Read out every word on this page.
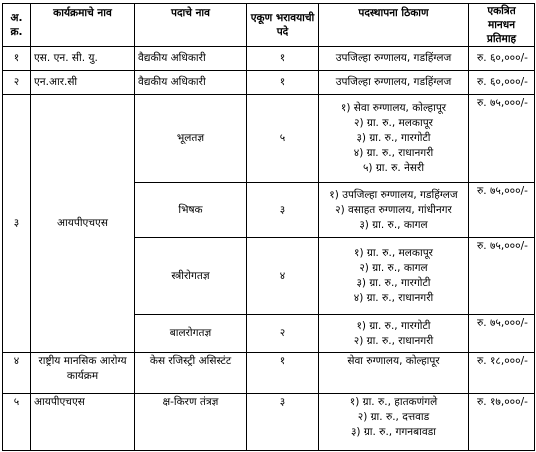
अ. क्र.	कार्यक्रमाचे नाव	पदाचे नाव	एकूण भरावयाची पदे	पदस्थापना ठिकाण	एकत्रित मानधन प्रतिमाह
१	एस. एन. सी. यु.	वैद्यकीय अधिकारी	१	उपजिल्हा रुग्णालय, गडहिंग्लज	रु. ६०,०००/-
२	एन.आर.सी	वैद्यकीय अधिकारी	१	उपजिल्हा रुग्णालय, गडहिंग्लज	रु. ६०,०००/-
३	आयपीएचएस	भूलतज्ञ	५	१) सेवा रुग्णालय, कोल्हापूर
२) ग्रा. रु., मलकापूर
३) ग्रा. रु., गारगोटी
४) ग्रा. रु., राधानगरी
५) ग्रा. रु. नेसरी	रु. ७५,०००/-
		भिषक	३	१) उपजिल्हा रुग्णालय, गडहिंग्लज
२) वसाहत रुग्णालय, गांधीनगर
३) ग्रा. रु., कागल	रु. ७५,०००/-
		स्त्रीरोगतज्ञ	४	१) ग्रा. रु., मलकापूर
२) ग्रा. रु., कागल
३) ग्रा. रु., गारगोटी
४) ग्रा. रु., राधानगरी	रु. ७५,०००/-
		बालरोगतज्ञ	२	१) ग्रा. रु., गारगोटी
२) ग्रा. रु., राधानगरी	रु. ७५,०००/-
४	राष्ट्रीय मानसिक आरोग्य कार्यक्रम	केस रजिस्ट्री असिस्टंट	१	सेवा रुग्णालय, कोल्हापूर	रु. १८,०००/-
५	आयपीएचएस	क्ष-किरण तंत्रज्ञ	३	१) ग्रा. रु., हातकणंगले
२) ग्रा. रु., दत्तवाड
३) ग्रा. रु., गगनबावडा	रु. १७,०००/-
